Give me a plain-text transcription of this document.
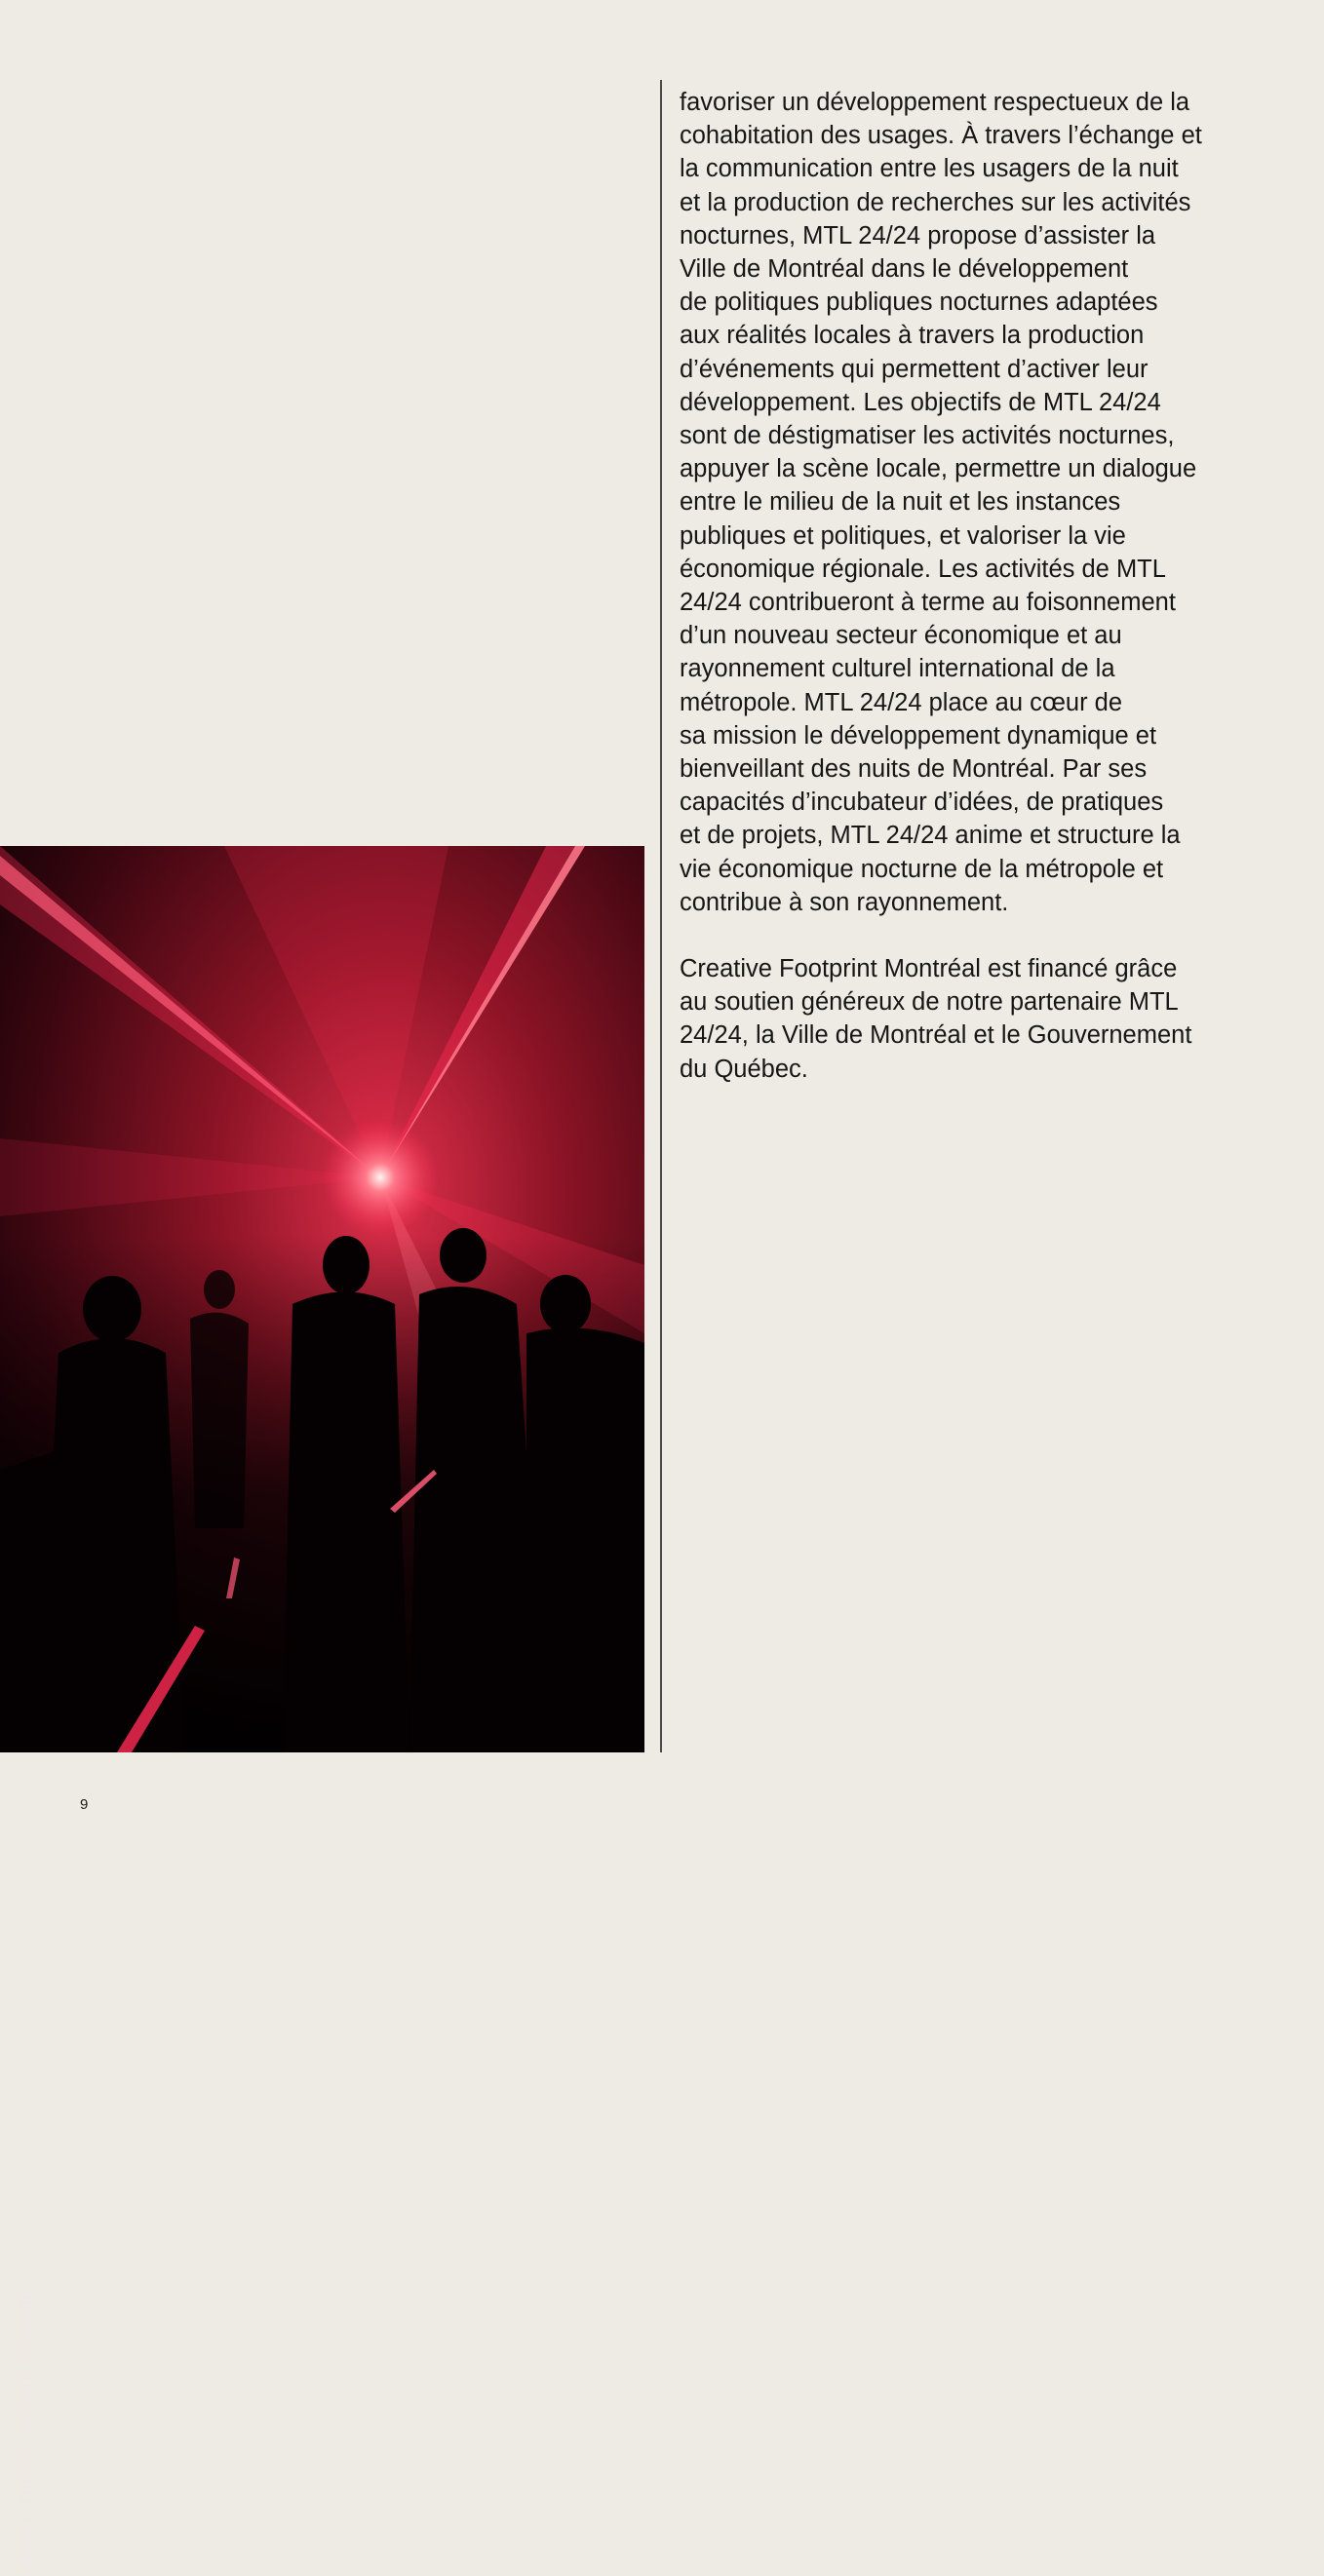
CRÉDIT PHOTO: VIVIEN GAUMAND

favoriser un développement respectueux de la
cohabitation des usages. À travers l’échange et
la communication entre les usagers de la nuit
et la production de recherches sur les activités
nocturnes, MTL 24/24 propose d’assister la
Ville de Montréal dans le développement
de politiques publiques nocturnes adaptées
aux réalités locales à travers la production
d’événements qui permettent d’activer leur
développement. Les objectifs de MTL 24/24
sont de déstigmatiser les activités nocturnes,
appuyer la scène locale, permettre un dialogue
entre le milieu de la nuit et les instances
publiques et politiques, et valoriser la vie
économique régionale. Les activités de MTL
24/24 contribueront à terme au foisonnement
d’un nouveau secteur économique et au
rayonnement culturel international de la
métropole. MTL 24/24 place au cœur de
sa mission le développement dynamique et
bienveillant des nuits de Montréal. Par ses
capacités d’incubateur d’idées, de pratiques
et de projets, MTL 24/24 anime et structure la
vie économique nocturne de la métropole et
contribue à son rayonnement.

Creative Footprint Montréal est financé grâce
au soutien généreux de notre partenaire MTL
24/24, la Ville de Montréal et le Gouvernement
du Québec.

9
